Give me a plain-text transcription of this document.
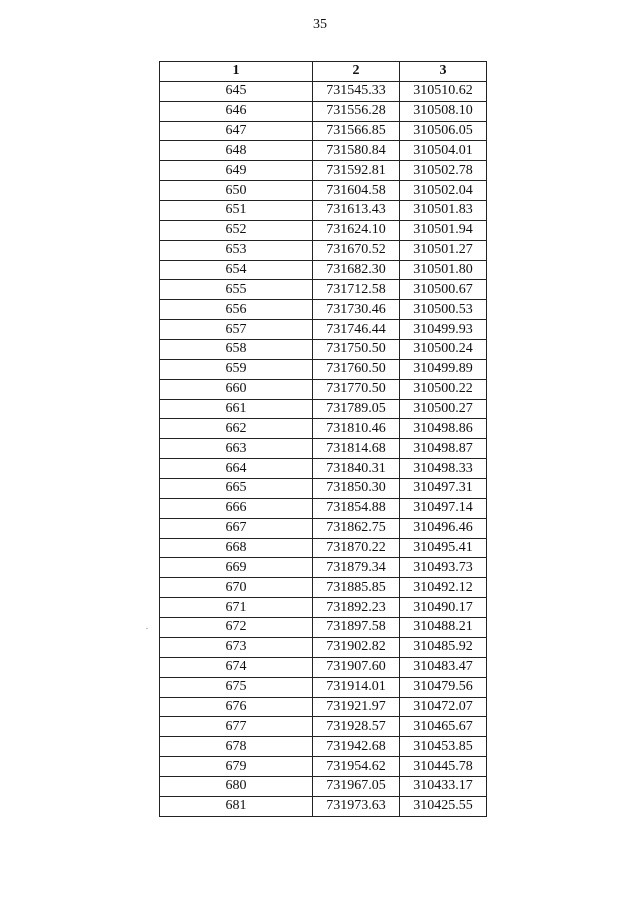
35
1	2	3
645	731545.33	310510.62
646	731556.28	310508.10
647	731566.85	310506.05
648	731580.84	310504.01
649	731592.81	310502.78
650	731604.58	310502.04
651	731613.43	310501.83
652	731624.10	310501.94
653	731670.52	310501.27
654	731682.30	310501.80
655	731712.58	310500.67
656	731730.46	310500.53
657	731746.44	310499.93
658	731750.50	310500.24
659	731760.50	310499.89
660	731770.50	310500.22
661	731789.05	310500.27
662	731810.46	310498.86
663	731814.68	310498.87
664	731840.31	310498.33
665	731850.30	310497.31
666	731854.88	310497.14
667	731862.75	310496.46
668	731870.22	310495.41
669	731879.34	310493.73
670	731885.85	310492.12
671	731892.23	310490.17
672	731897.58	310488.21
673	731902.82	310485.92
674	731907.60	310483.47
675	731914.01	310479.56
676	731921.97	310472.07
677	731928.57	310465.67
678	731942.68	310453.85
679	731954.62	310445.78
680	731967.05	310433.17
681	731973.63	310425.55
